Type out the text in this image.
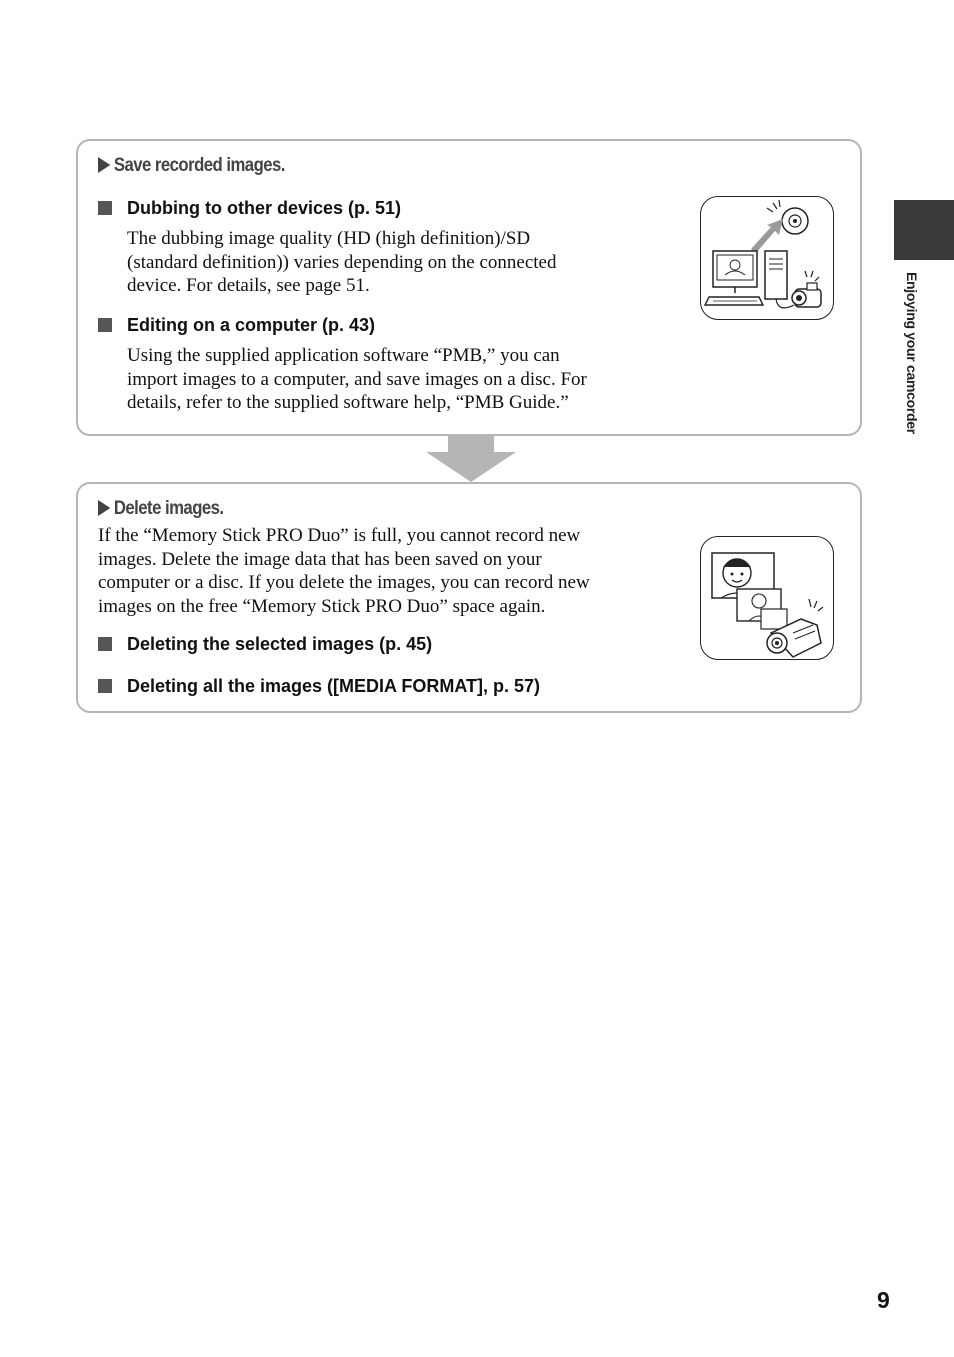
Enjoying your camcorder
Save recorded images.
Dubbing to other devices (p. 51)
The dubbing image quality (HD (high definition)/SD
(standard definition)) varies depending on the connected
device. For details, see page 51.
Editing on a computer (p. 43)
Using the supplied application software “PMB,” you can
import images to a computer, and save images on a disc. For
details, refer to the supplied software help, “PMB Guide.”
Delete images.
If the “Memory Stick PRO Duo” is full, you cannot record new
images. Delete the image data that has been saved on your
computer or a disc. If you delete the images, you can record new
images on the free “Memory Stick PRO Duo” space again.
Deleting the selected images (p. 45)
Deleting all the images ([MEDIA FORMAT], p. 57)
9
